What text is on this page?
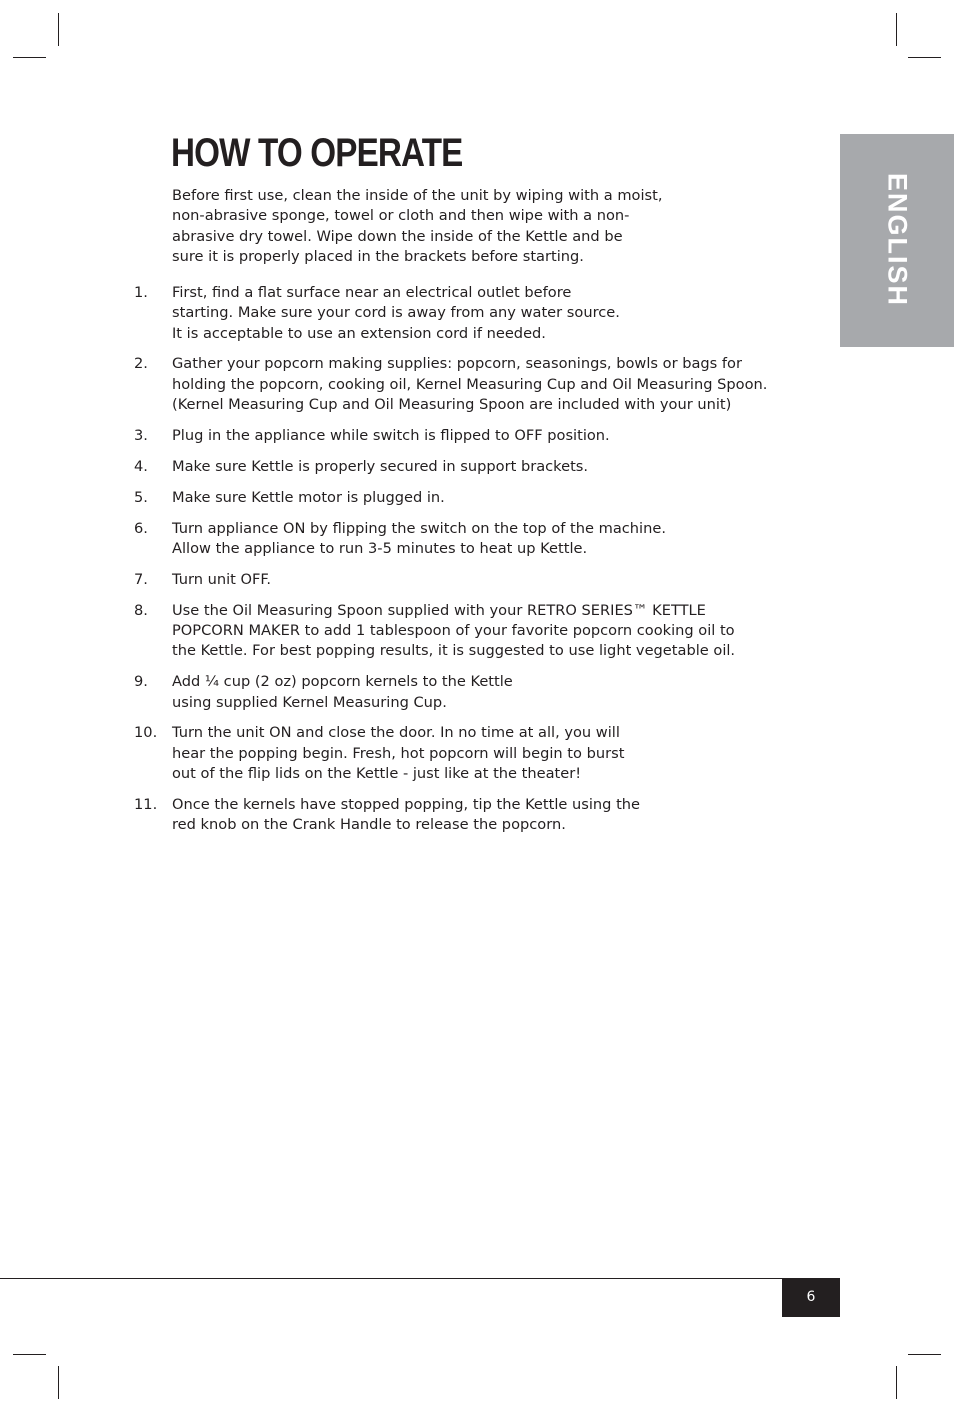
ENGLISH
HOW TO OPERATE

Before first use, clean the inside of the unit by wiping with a moist,
non-abrasive sponge, towel or cloth and then wipe with a non-
abrasive dry towel. Wipe down the inside of the Kettle and be
sure it is properly placed in the brackets before starting.

1. First, find a flat surface near an electrical outlet before
starting. Make sure your cord is away from any water source.
It is acceptable to use an extension cord if needed.
2. Gather your popcorn making supplies: popcorn, seasonings, bowls or bags for
holding the popcorn, cooking oil, Kernel Measuring Cup and Oil Measuring Spoon.
(Kernel Measuring Cup and Oil Measuring Spoon are included with your unit)
3. Plug in the appliance while switch is flipped to OFF position.
4. Make sure Kettle is properly secured in support brackets.
5. Make sure Kettle motor is plugged in.
6. Turn appliance ON by flipping the switch on the top of the machine.
Allow the appliance to run 3-5 minutes to heat up Kettle.
7. Turn unit OFF.
8. Use the Oil Measuring Spoon supplied with your RETRO SERIES™ KETTLE
POPCORN MAKER to add 1 tablespoon of your favorite popcorn cooking oil to
the Kettle. For best popping results, it is suggested to use light vegetable oil.
9. Add ¼ cup (2 oz) popcorn kernels to the Kettle
using supplied Kernel Measuring Cup.
10. Turn the unit ON and close the door. In no time at all, you will
hear the popping begin. Fresh, hot popcorn will begin to burst
out of the flip lids on the Kettle - just like at the theater!
11. Once the kernels have stopped popping, tip the Kettle using the
red knob on the Crank Handle to release the popcorn.
6
